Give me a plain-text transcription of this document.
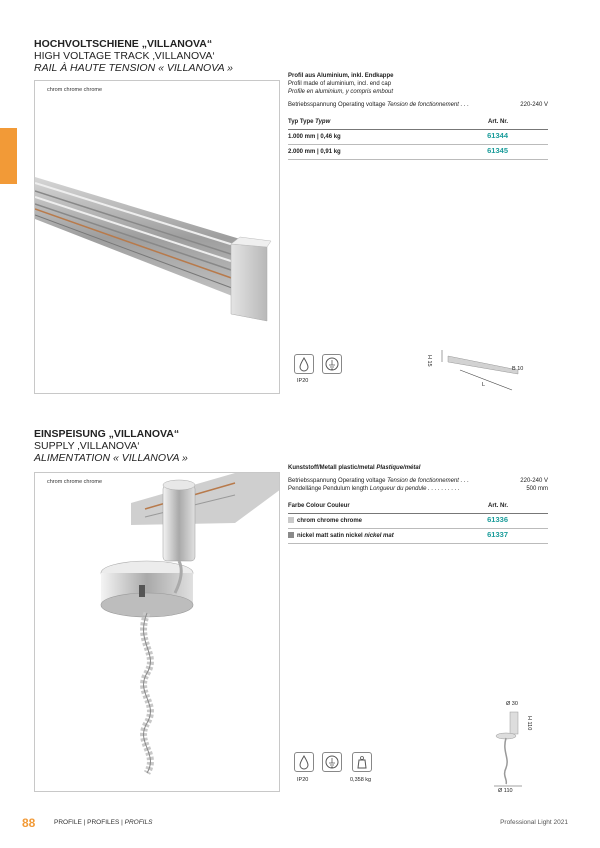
HOCHVOLTSCHIENE „VILLANOVA“
HIGH VOLTAGE TRACK ‚VILLANOVA‘
RAIL À HAUTE TENSION « VILLANOVA »
chrom chrome chrome
Profil aus Aluminium, inkl. Endkappe
Profil made of aluminium, incl. end cap
Profile en aluminium, y compris embout
Betriebsspannung Operating voltage Tension de fonctionnement . . .	220-240 V
Typ Type Typw	Art. Nr.
1.000 mm | 0,46 kg	61344
2.000 mm | 0,91 kg	61345
IP20
H 15
B 10
L
EINSPEISUNG „VILLANOVA“
SUPPLY ‚VILLANOVA‘
ALIMENTATION « VILLANOVA »
chrom chrome chrome
Kunststoff/Metall plastic/metal Plastique/métal
Betriebsspannung Operating voltage Tension de fonctionnement . . .	220-240 V
Pendellänge Pendulum length Longueur du pendule . . . . . . . . . .	500 mm
Farbe Colour Couleur	Art. Nr.
chrom chrome chrome	61336
nickel matt satin nickel nickel mat	61337
IP20	0,358 kg
Ø 30
H 110
Ø 110
88	PROFILE | PROFILES | PROFILS	Professional Light 2021
